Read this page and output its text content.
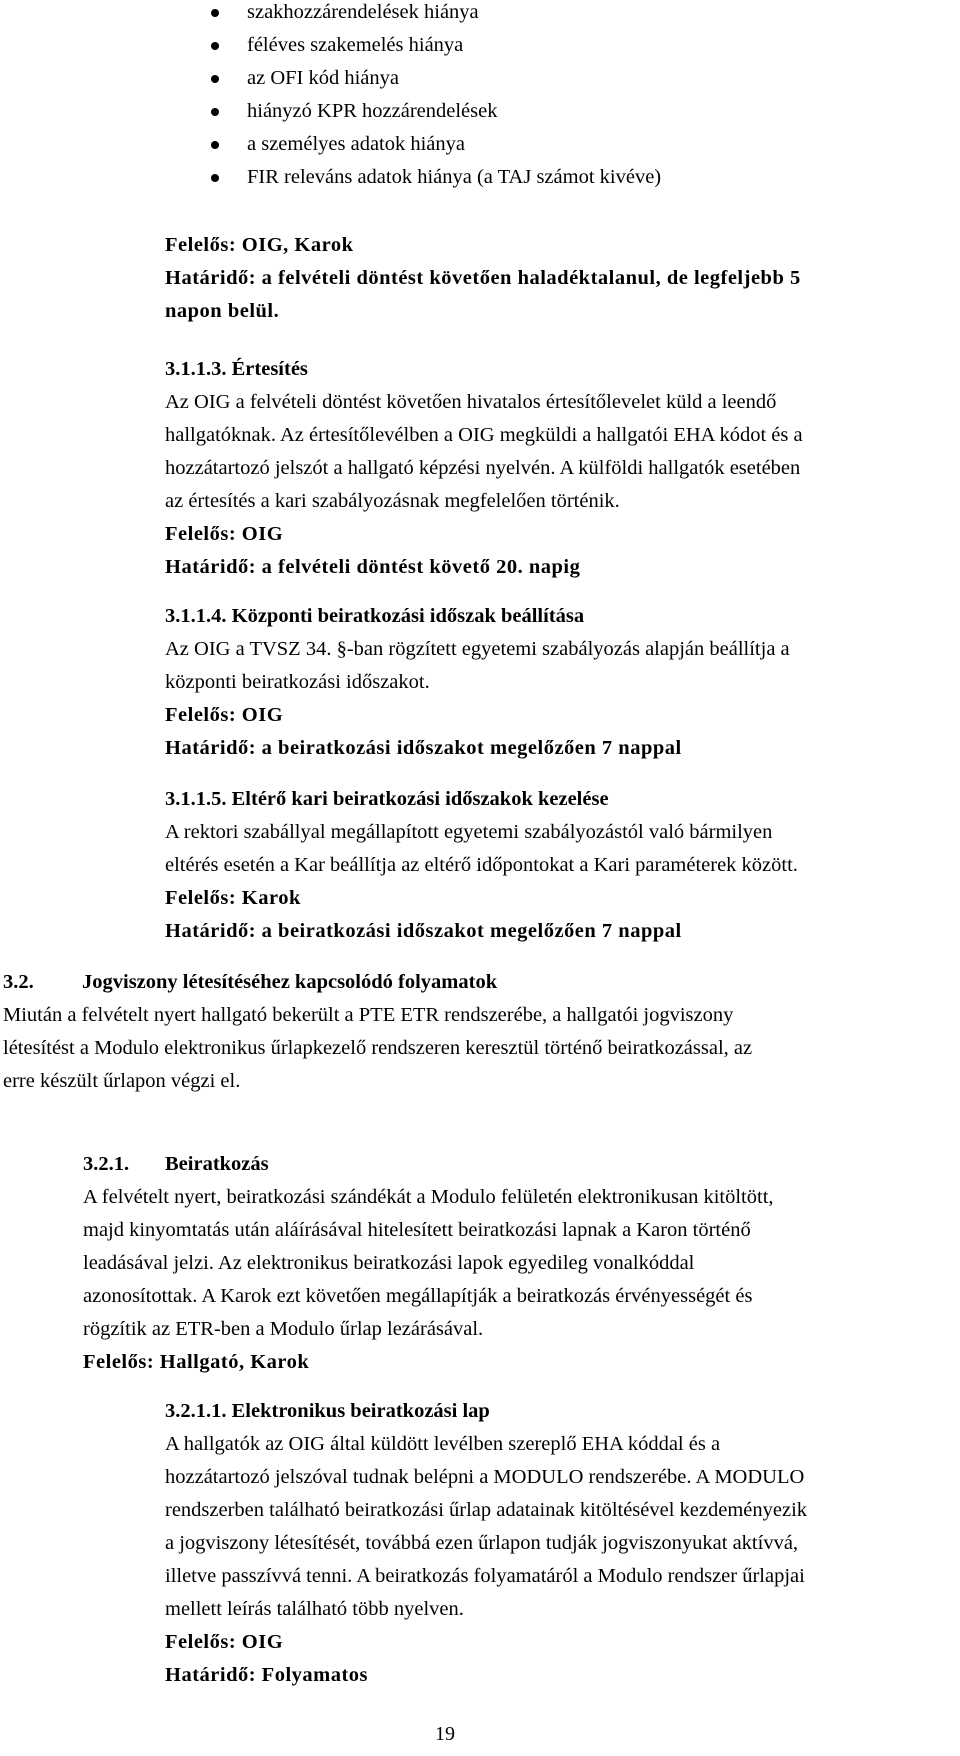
szakhozzárendelések hiánya
féléves szakemelés hiánya
az OFI kód hiánya
hiányzó KPR hozzárendelések
a személyes adatok hiánya
FIR releváns adatok hiánya (a TAJ számot kivéve)
Felelős: OIG, Karok
Határidő: a felvételi döntést követően haladéktalanul, de legfeljebb 5
napon belül.
3.1.1.3. Értesítés
Az OIG a felvételi döntést követően hivatalos értesítőlevelet küld a leendő
hallgatóknak. Az értesítőlevélben a OIG megküldi a hallgatói EHA kódot és a
hozzátartozó jelszót a hallgató képzési nyelvén. A külföldi hallgatók esetében
az értesítés a kari szabályozásnak megfelelően történik.
Felelős: OIG
Határidő: a felvételi döntést követő 20. napig
3.1.1.4. Központi beiratkozási időszak beállítása
Az OIG a TVSZ 34. §-ban rögzített egyetemi szabályozás alapján beállítja a
központi beiratkozási időszakot.
Felelős: OIG
Határidő: a beiratkozási időszakot megelőzően 7 nappal
3.1.1.5. Eltérő kari beiratkozási időszakok kezelése
A rektori szabállyal megállapított egyetemi szabályozástól való bármilyen
eltérés esetén a Kar beállítja az eltérő időpontokat a Kari paraméterek között.
Felelős: Karok
Határidő: a beiratkozási időszakot megelőzően 7 nappal
3.2. Jogviszony létesítéséhez kapcsolódó folyamatok
Miután a felvételt nyert hallgató bekerült a PTE ETR rendszerébe, a hallgatói jogviszony
létesítést a Modulo elektronikus űrlapkezelő rendszeren keresztül történő beiratkozással, az
erre készült űrlapon végzi el.
3.2.1. Beiratkozás
A felvételt nyert, beiratkozási szándékát a Modulo felületén elektronikusan kitöltött,
majd kinyomtatás után aláírásával hitelesített beiratkozási lapnak a Karon történő
leadásával jelzi. Az elektronikus beiratkozási lapok egyedileg vonalkóddal
azonosítottak. A Karok ezt követően megállapítják a beiratkozás érvényességét és
rögzítik az ETR-ben a Modulo űrlap lezárásával.
Felelős: Hallgató, Karok
3.2.1.1. Elektronikus beiratkozási lap
A hallgatók az OIG által küldött levélben szereplő EHA kóddal és a
hozzátartozó jelszóval tudnak belépni a MODULO rendszerébe. A MODULO
rendszerben található beiratkozási űrlap adatainak kitöltésével kezdeményezik
a jogviszony létesítését, továbbá ezen űrlapon tudják jogviszonyukat aktívvá,
illetve passzívvá tenni. A beiratkozás folyamatáról a Modulo rendszer űrlapjai
mellett leírás található több nyelven.
Felelős: OIG
Határidő: Folyamatos
19
